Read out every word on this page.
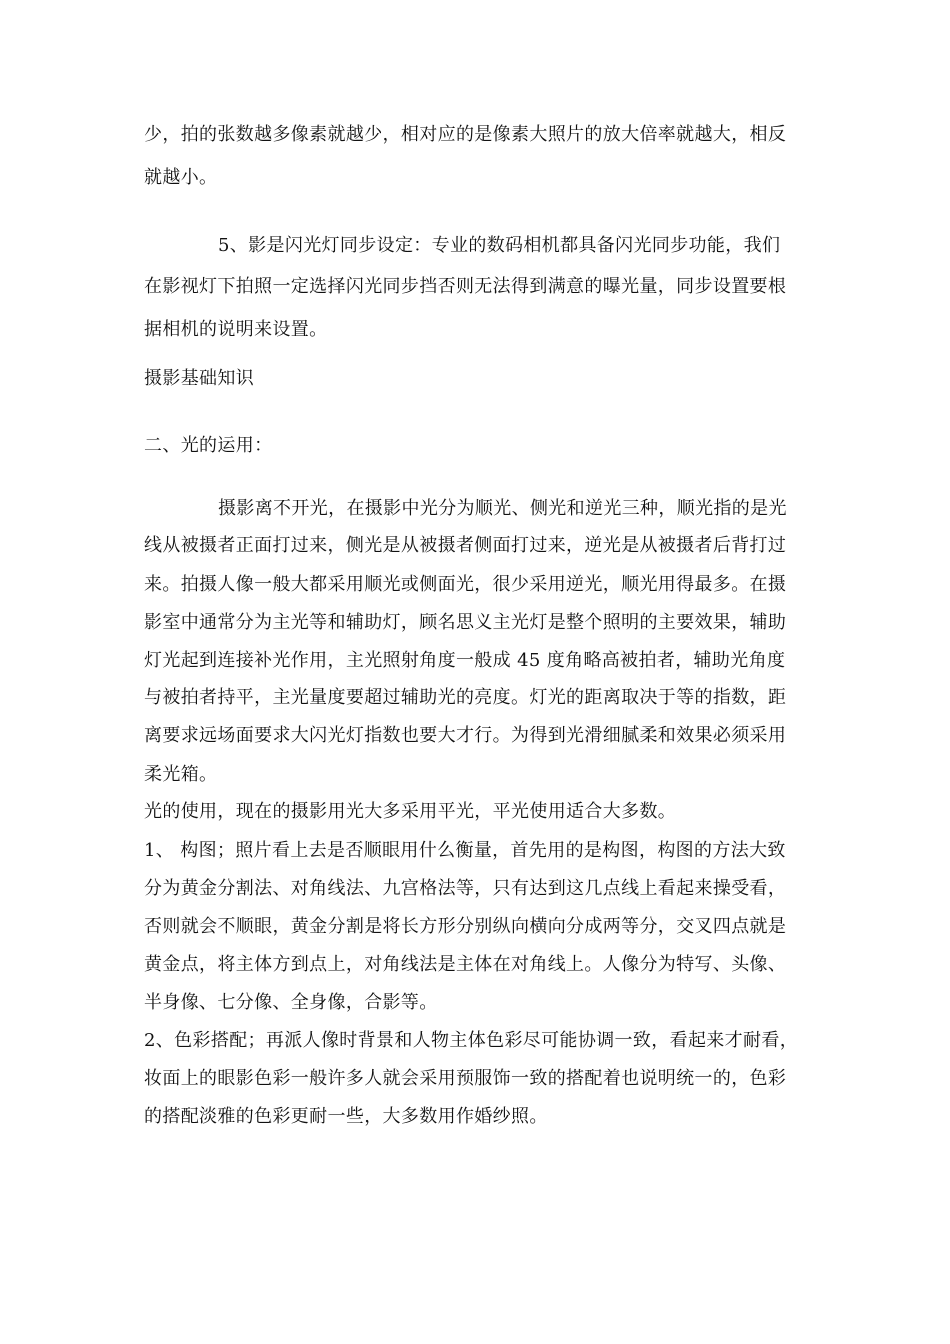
少，拍的张数越多像素就越少，相对应的是像素大照片的放大倍率就越大，相反
就越小。
5、影是闪光灯同步设定：专业的数码相机都具备闪光同步功能，我们
在影视灯下拍照一定选择闪光同步挡否则无法得到满意的曝光量，同步设置要根
据相机的说明来设置。
摄影基础知识
二、光的运用：
摄影离不开光，在摄影中光分为顺光、侧光和逆光三种，顺光指的是光
线从被摄者正面打过来，侧光是从被摄者侧面打过来，逆光是从被摄者后背打过
来。拍摄人像一般大都采用顺光或侧面光，很少采用逆光，顺光用得最多。在摄
影室中通常分为主光等和辅助灯，顾名思义主光灯是整个照明的主要效果，辅助
灯光起到连接补光作用，主光照射角度一般成 45 度角略高被拍者，辅助光角度
与被拍者持平，主光量度要超过辅助光的亮度。灯光的距离取决于等的指数，距
离要求远场面要求大闪光灯指数也要大才行。为得到光滑细腻柔和效果必须采用
柔光箱。
光的使用，现在的摄影用光大多采用平光，平光使用适合大多数。
1、 构图；照片看上去是否顺眼用什么衡量，首先用的是构图，构图的方法大致
分为黄金分割法、对角线法、九宫格法等，只有达到这几点线上看起来操受看，
否则就会不顺眼，黄金分割是将长方形分别纵向横向分成两等分，交叉四点就是
黄金点，将主体方到点上，对角线法是主体在对角线上。人像分为特写、头像、
半身像、七分像、全身像，合影等。
2、色彩搭配；再派人像时背景和人物主体色彩尽可能协调一致，看起来才耐看，
妆面上的眼影色彩一般许多人就会采用预服饰一致的搭配着也说明统一的，色彩
的搭配淡雅的色彩更耐一些，大多数用作婚纱照。
